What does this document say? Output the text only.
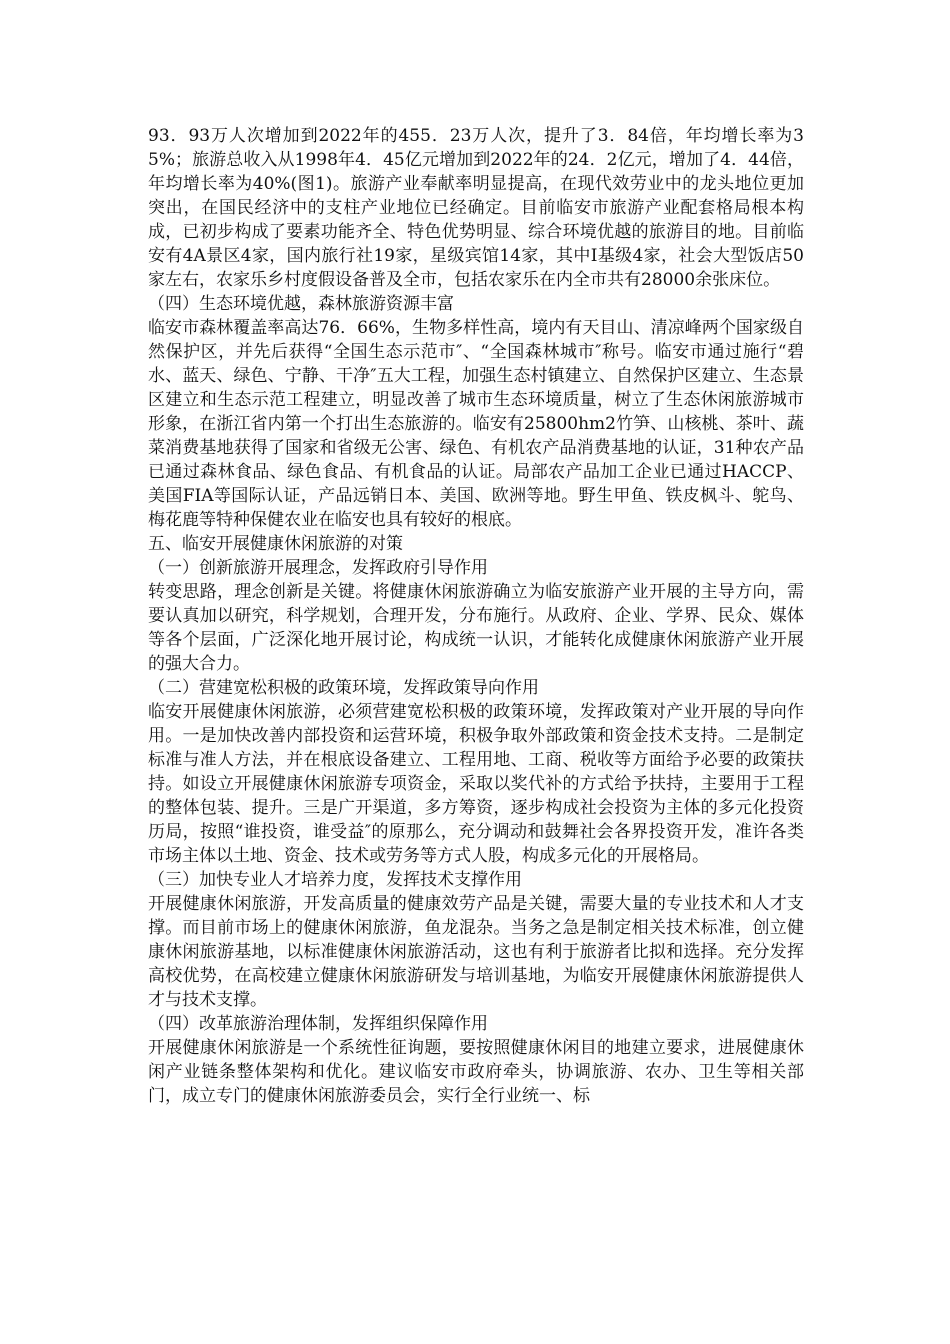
93．93万人次增加到2022年的455．23万人次，提升了3．84倍，年均增长率为35%；旅游总收入从1998年4．45亿元增加到2022年的24．2亿元，增加了4．44倍，年均增长率为40%(图1)。旅游产业奉献率明显提高，在现代效劳业中的龙头地位更加突出，在国民经济中的支柱产业地位已经确定。目前临安市旅游产业配套格局根本构成，已初步构成了要素功能齐全、特色优势明显、综合环境优越的旅游目的地。目前临安有4A景区4家，国内旅行社19家，星级宾馆14家，其中I基级4家，社会大型饭店50家左右，农家乐乡村度假设备普及全市，包括农家乐在内全市共有28000余张床位。

（四）生态环境优越，森林旅游资源丰富

临安市森林覆盖率高达76．66%，生物多样性高，境内有天目山、清凉峰两个国家级自然保护区，并先后获得“全国生态示范市″、“全国森林城市″称号。临安市通过施行“碧水、蓝天、绿色、宁静、干净″五大工程，加强生态村镇建立、自然保护区建立、生态景区建立和生态示范工程建立，明显改善了城市生态环境质量，树立了生态休闲旅游城市形象，在浙江省内第一个打出生态旅游的。临安有25800hm2竹笋、山核桃、茶叶、蔬菜消费基地获得了国家和省级无公害、绿色、有机农产品消费基地的认证，31种农产品已通过森林食品、绿色食品、有机食品的认证。局部农产品加工企业已通过HACCP、美国FIA等国际认证，产品远销日本、美国、欧洲等地。野生甲鱼、铁皮枫斗、鸵鸟、梅花鹿等特种保健农业在临安也具有较好的根底。

五、临安开展健康休闲旅游的对策

（一）创新旅游开展理念，发挥政府引导作用

转变思路，理念创新是关键。将健康休闲旅游确立为临安旅游产业开展的主导方向，需要认真加以研究，科学规划，合理开发，分布施行。从政府、企业、学界、民众、媒体等各个层面，广泛深化地开展讨论，构成统一认识，才能转化成健康休闲旅游产业开展的强大合力。

（二）营建宽松积极的政策环境，发挥政策导向作用

临安开展健康休闲旅游，必须营建宽松积极的政策环境，发挥政策对产业开展的导向作用。一是加快改善内部投资和运营环境，积极争取外部政策和资金技术支持。二是制定标准与准人方法，并在根底设备建立、工程用地、工商、税收等方面给予必要的政策扶持。如设立开展健康休闲旅游专项资金，采取以奖代补的方式给予扶持，主要用于工程的整体包装、提升。三是广开渠道，多方筹资，逐步构成社会投资为主体的多元化投资历局，按照“谁投资，谁受益″的原那么，充分调动和鼓舞社会各界投资开发，准许各类市场主体以土地、资金、技术或劳务等方式人股，构成多元化的开展格局。

（三）加快专业人才培养力度，发挥技术支撑作用

开展健康休闲旅游，开发高质量的健康效劳产品是关键，需要大量的专业技术和人才支撑。而目前市场上的健康休闲旅游，鱼龙混杂。当务之急是制定相关技术标准，创立健康休闲旅游基地，以标准健康休闲旅游活动，这也有利于旅游者比拟和选择。充分发挥高校优势，在高校建立健康休闲旅游研发与培训基地，为临安开展健康休闲旅游提供人才与技术支撑。

（四）改革旅游治理体制，发挥组织保障作用

开展健康休闲旅游是一个系统性征询题，要按照健康休闲目的地建立要求，进展健康休闲产业链条整体架构和优化。建议临安市政府牵头，协调旅游、农办、卫生等相关部门，成立专门的健康休闲旅游委员会，实行全行业统一、标
